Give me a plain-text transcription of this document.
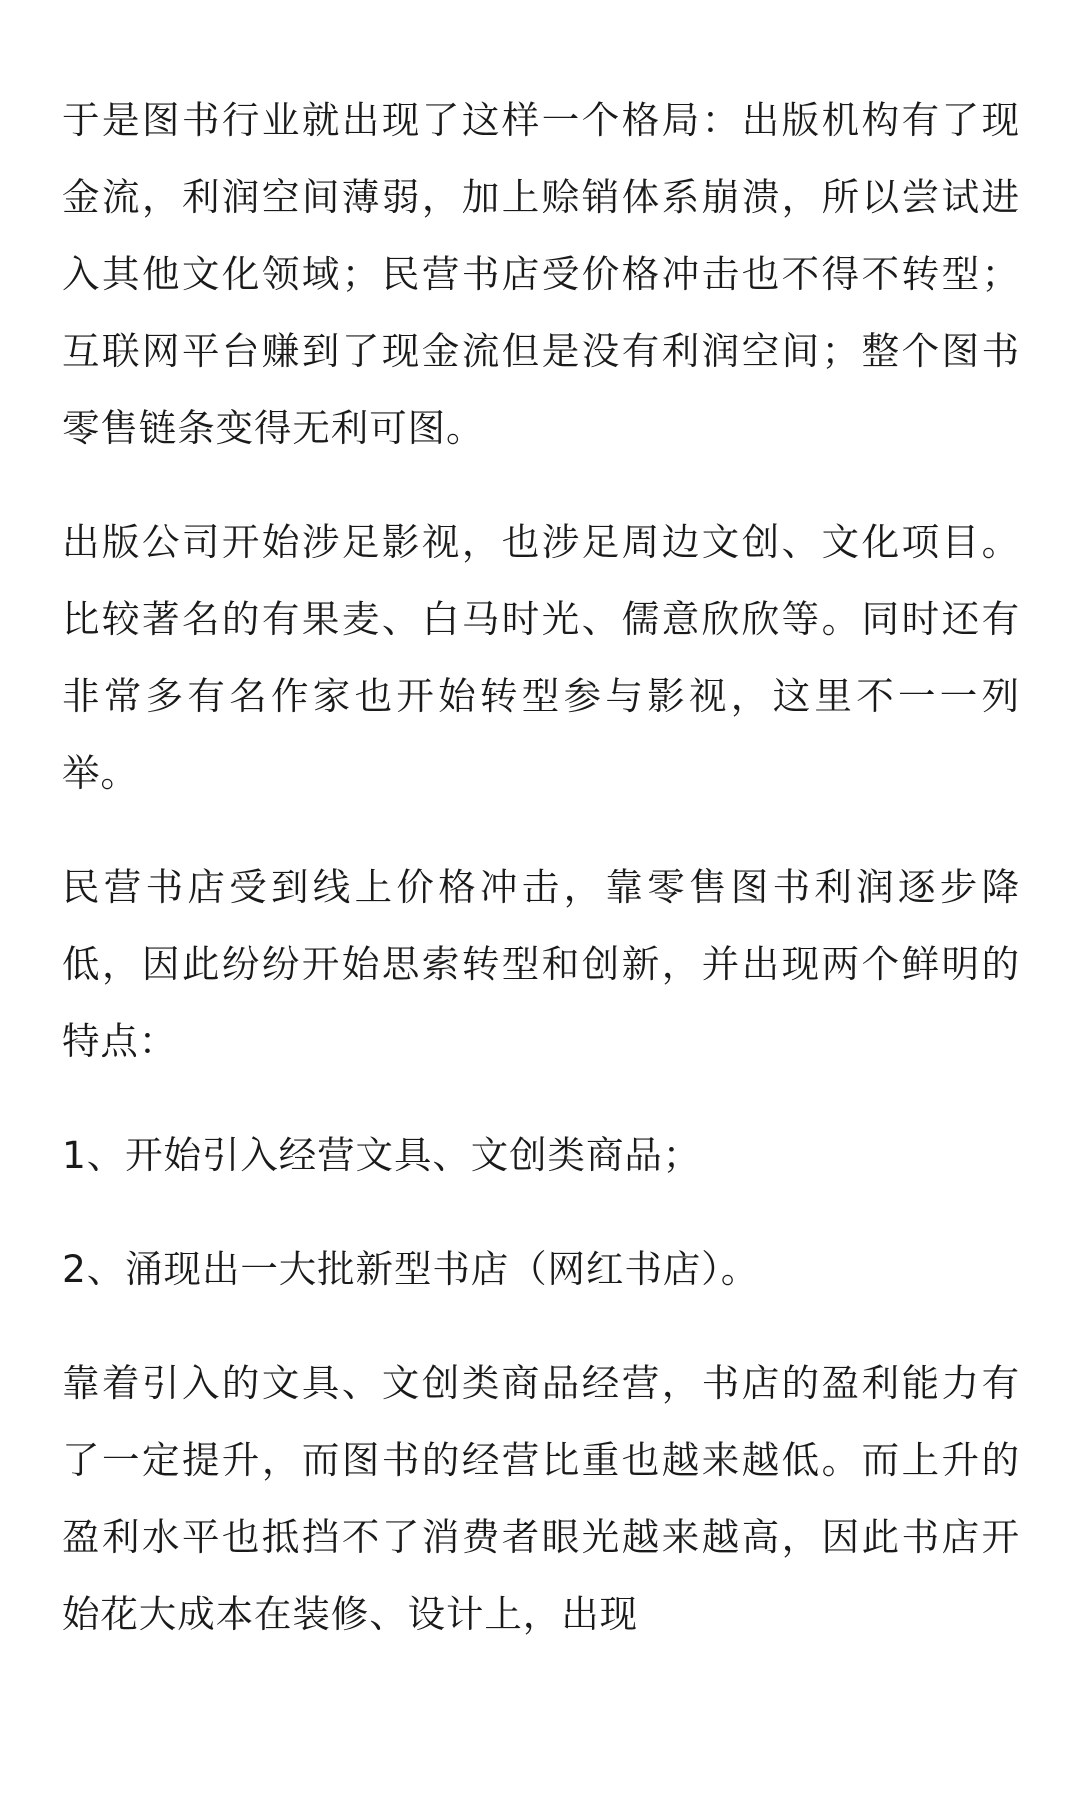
于是图书行业就出现了这样一个格局：出版机构有了现金流，利润空间薄弱，加上赊销体系崩溃，所以尝试进入其他文化领域；民营书店受价格冲击也不得不转型；互联网平台赚到了现金流但是没有利润空间；整个图书零售链条变得无利可图。

出版公司开始涉足影视，也涉足周边文创、文化项目。比较著名的有果麦、白马时光、儒意欣欣等。同时还有非常多有名作家也开始转型参与影视，这里不一一列举。

民营书店受到线上价格冲击，靠零售图书利润逐步降低，因此纷纷开始思索转型和创新，并出现两个鲜明的特点：

1、开始引入经营文具、文创类商品；

2、涌现出一大批新型书店（网红书店）。

靠着引入的文具、文创类商品经营，书店的盈利能力有了一定提升，而图书的经营比重也越来越低。而上升的盈利水平也抵挡不了消费者眼光越来越高，因此书店开始花大成本在装修、设计上，出现
